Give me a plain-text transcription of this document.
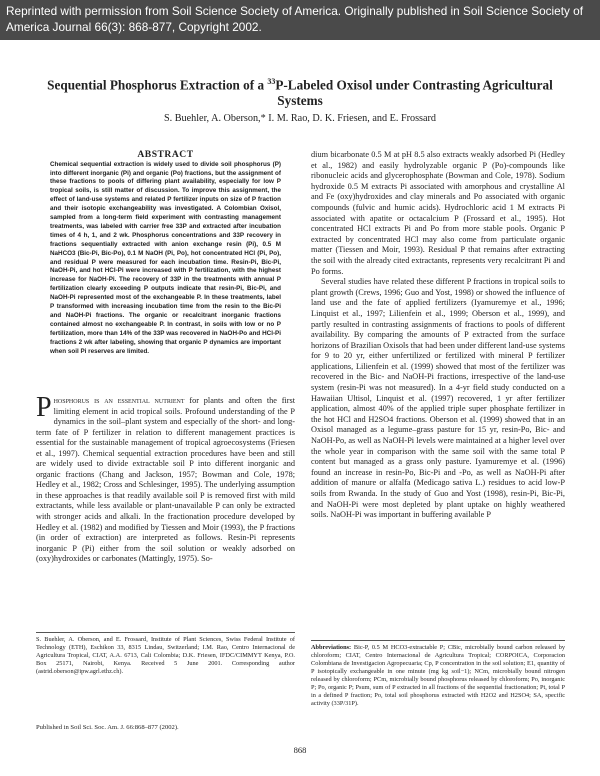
Reprinted with permission from Soil Science Society of America. Originally published in Soil Science Society of America Journal 66(3): 868-877, Copyright 2002.

Sequential Phosphorus Extraction of a $^{33}$P-Labeled Oxisol under Contrasting Agricultural Systems

S. Buehler, A. Oberson,* I. M. Rao, D. K. Friesen, and E. Frossard

ABSTRACT

Chemical sequential extraction is widely used to divide soil phosphorus (P) into different inorganic (Pi) and organic (Po) fractions, but the assignment of these fractions to pools of differing plant availability, especially for low P tropical soils, is still matter of discussion. To improve this assignment, the effect of land-use systems and related P fertilizer inputs on size of P fraction and their isotopic exchangeability was investigated. A Colombian Oxisol, sampled from a long-term field experiment with contrasting management treatments, was labeled with carrier free 33P and extracted after incubation times of 4 h, 1, and 2 wk. Phosphorus concentrations and 33P recovery in fractions sequentially extracted with anion exchange resin (Pi), 0.5 M NaHCO3 (Bic-Pi, Bic-Po), 0.1 M NaOH (Pi, Po), hot concentrated HCl (Pi, Po), and residual P were measured for each incubation time. Resin-Pi, Bic-Pi, NaOH-Pi, and hot HCl-Pi were increased with P fertilization, with the highest increase for NaOH-Pi. The recovery of 33P in the treatments with annual P fertilization clearly exceeding P outputs indicate that resin-Pi, Bic-Pi, and NaOH-Pi represented most of the exchangeable P. In these treatments, label P transformed with increasing incubation time from the resin to the Bic-Pi and NaOH-Pi fractions. The organic or recalcitrant inorganic fractions contained almost no exchangeable P. In contrast, in soils with low or no P fertilization, more than 14% of the 33P was recovered in NaOH-Po and HCl-Pi fractions 2 wk after labeling, showing that organic P dynamics are important when soil Pi reserves are limited.

Phosphorus is an essential nutrient for plants and often the first limiting element in acid tropical soils. Profound understanding of the P dynamics in the soil–plant system and especially of the short- and long-term fate of P fertilizer in relation to different management practices is essential for the sustainable management of tropical agroecosystems (Friesen et al., 1997). Chemical sequential extraction procedures have been and still are widely used to divide extractable soil P into different inorganic and organic fractions (Chang and Jackson, 1957; Bowman and Cole, 1978; Hedley et al., 1982; Cross and Schlesinger, 1995). The underlying assumption in these approaches is that readily available soil P is removed first with mild extractants, while less available or plant-unavailable P can only be extracted with stronger acids and alkali. In the fractionation procedure developed by Hedley et al. (1982) and modified by Tiessen and Moir (1993), the P fractions (in order of extraction) are interpreted as follows. Resin-Pi represents inorganic P (Pi) either from the soil solution or weakly adsorbed on (oxy)hydroxides or carbonates (Mattingly, 1975). So-

dium bicarbonate 0.5 M at pH 8.5 also extracts weakly adsorbed Pi (Hedley et al., 1982) and easily hydrolyzable organic P (Po)-compounds like ribonucleic acids and glycerophosphate (Bowman and Cole, 1978). Sodium hydroxide 0.5 M extracts Pi associated with amorphous and crystalline Al and Fe (oxy)hydroxides and clay minerals and Po associated with organic compounds (fulvic and humic acids). Hydrochloric acid 1 M extracts Pi associated with apatite or octacalcium P (Frossard et al., 1995). Hot concentrated HCl extracts Pi and Po from more stable pools. Organic P extracted by concentrated HCl may also come from particulate organic matter (Tiessen and Moir, 1993). Residual P that remains after extracting the soil with the already cited extractants, represents very recalcitrant Pi and Po forms.

Several studies have related these different P fractions in tropical soils to plant growth (Crews, 1996; Guo and Yost, 1998) or showed the influence of land use and the fate of applied fertilizers (Iyamuremye et al., 1996; Linquist et al., 1997; Lilienfein et al., 1999; Oberson et al., 1999), and partly resulted in contrasting assignments of fractions to pools of different availability. By comparing the amounts of P extracted from the surface horizons of Brazilian Oxisols that had been under different land-use systems for 9 to 20 yr, either unfertilized or fertilized with mineral P fertilizer applications, Lilienfein et al. (1999) showed that most of the fertilizer was recovered in the Bic- and NaOH-Pi fractions, irrespective of the land-use system (resin-Pi was not measured). In a 4-yr field study conducted on a Hawaiian Ultisol, Linquist et al. (1997) recovered, 1 yr after fertilizer application, almost 40% of the applied triple super phosphate fertilizer in the hot HCl and H2SO4 fractions. Oberson et al. (1999) showed that in an Oxisol managed as a legume–grass pasture for 15 yr, resin-Po, Bic- and NaOH-Po, as well as NaOH-Pi levels were maintained at a higher level over the whole year in comparison with the same soil with the same total P content but managed as a grass only pasture. Iyamuremye et al. (1996) found an increase in resin-Po, Bic-Pi and -Po, as well as NaOH-Pi after addition of manure or alfalfa (Medicago sativa L.) residues to acid low-P soils from Rwanda. In the study of Guo and Yost (1998), resin-Pi, Bic-Pi, and NaOH-Pi were most depleted by plant uptake on highly weathered soils. NaOH-Pi was important in buffering available P

S. Buehler, A. Oberson, and E. Frossard, Institute of Plant Sciences, Swiss Federal Institute of Technology (ETH), Eschikon 33, 8315 Lindau, Switzerland; I.M. Rao, Centro Internacional de Agricultura Tropical, CIAT, A.A. 6713, Cali Colombia; D.K. Friesen, IFDC/CIMMYT Kenya, P.O. Box 25171, Nairobi, Kenya. Received 5 June 2001. Corresponding author (astrid.oberson@ipw.agrl.ethz.ch).

Abbreviations: Bic-P, 0.5 M HCO3-extractable P; CBic, microbially bound carbon released by chloroform; CIAT, Centro Internacional de Agricultura Tropical; CORPOICA, Corporacion Colombiana de Investigacion Agropecuaria; Cp, P concentration in the soil solution; E1, quantity of P isotopically exchangeable in one minute (mg kg soil−1); NCm, microbially bound nitrogen released by chloroform; PCm, microbially bound phosphorus released by chloroform; Po, inorganic P; Po, organic P; Psum, sum of P extracted in all fractions of the sequential fractionation; Pt, total P in a defined P fraction; Po, total soil phosphorus extracted with H2O2 and H2SO4; SA, specific activity (33P/31P).

Published in Soil Sci. Soc. Am. J. 66:868–877 (2002).

868
